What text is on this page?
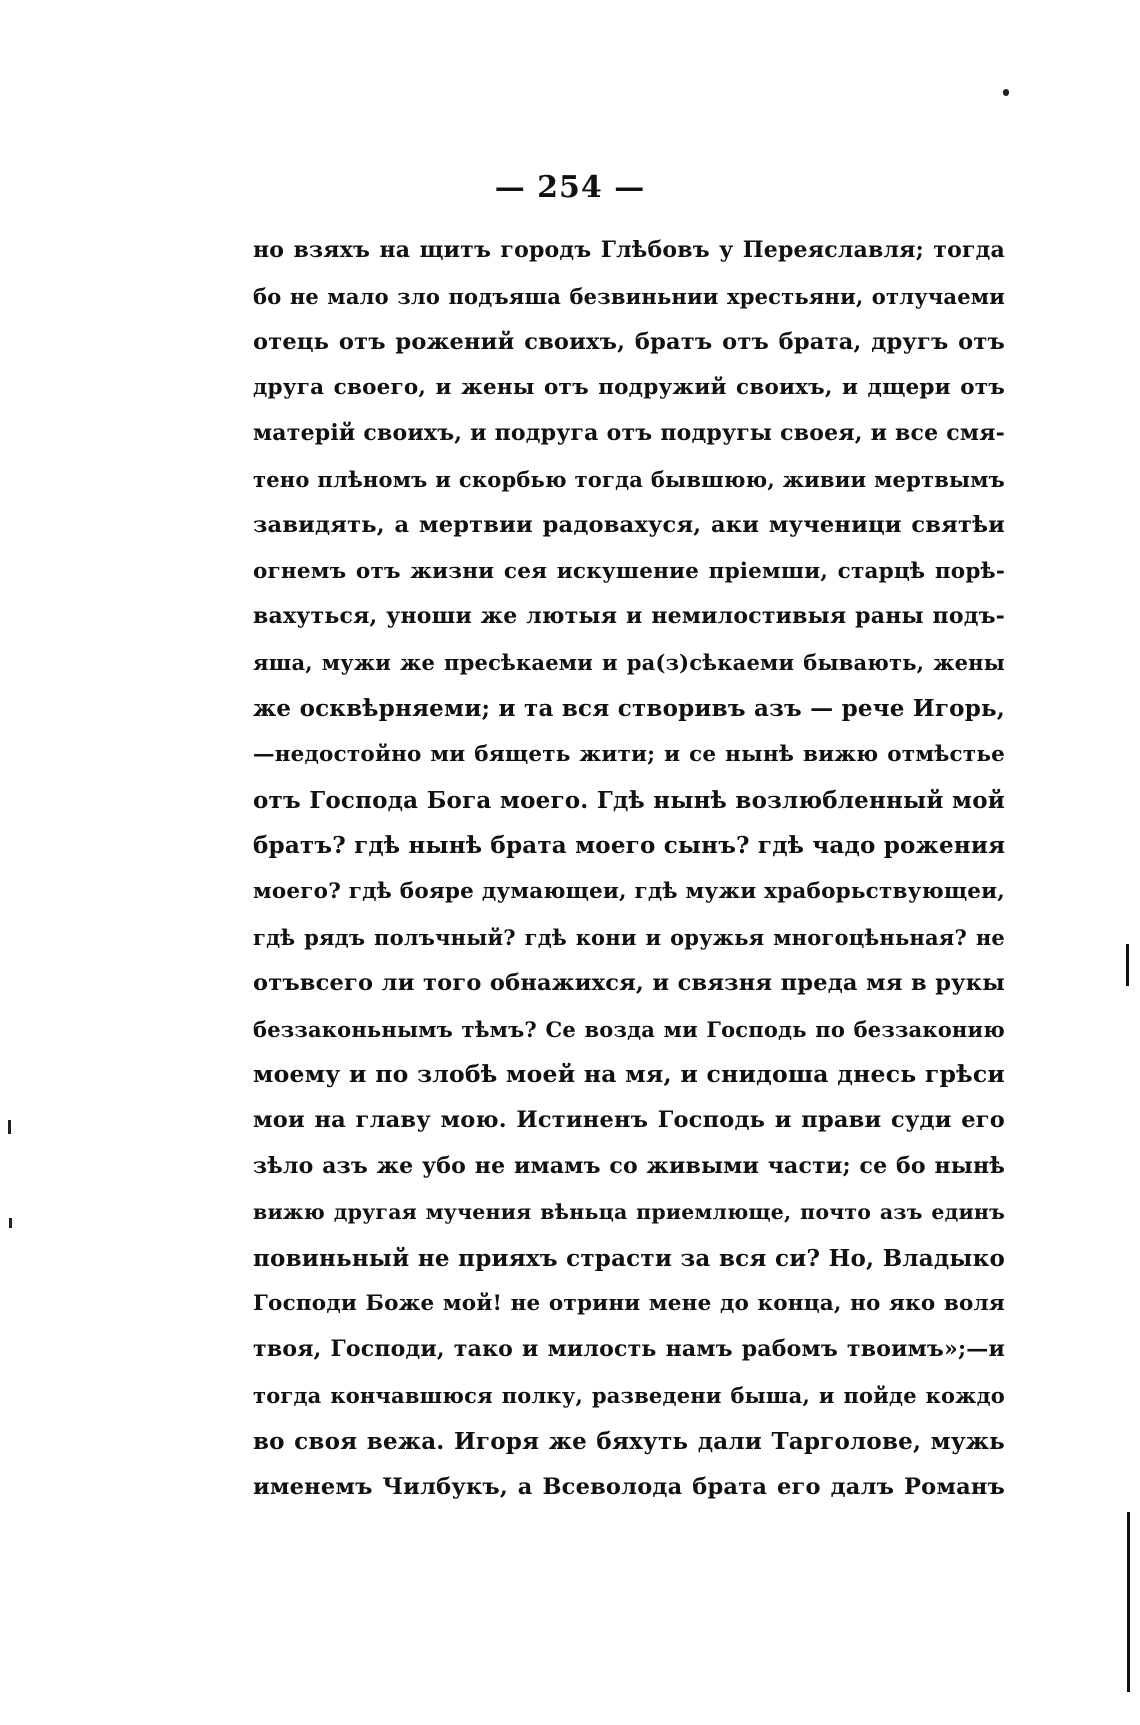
— 254 —
но взяхъ на щитъ городъ Глѣбовъ у Переяславля; тогда
бо не мало зло подъяша безвиньнии хрестьяни, отлучаеми
отець отъ рожений своихъ, братъ отъ брата, другъ отъ
друга своего, и жены отъ подружий своихъ, и дщери отъ
матерiй своихъ, и подруга отъ подругы своея, и все смя-
тено плѣномъ и скорбью тогда бывшюю, живии мертвымъ
завидять, а мертвии радовахуся, аки мученици святѣи
огнемъ отъ жизни сея искушение прiемши, старцѣ порѣ-
вахуться, уноши же лютыя и немилостивыя раны подъ-
яша, мужи же пресѣкаеми и ра(з)сѣкаеми бывають, жены
же осквѣрняеми; и та вся створивъ азъ — рече Игорь,
—недостойно ми бящеть жити; и се нынѣ вижю отмѣстье
отъ Господа Бога моего. Гдѣ нынѣ возлюбленный мой
братъ? гдѣ нынѣ брата моего сынъ? гдѣ чадо рожения
моего? гдѣ бояре думающеи, гдѣ мужи храборьствующеи,
гдѣ рядъ полъчный? гдѣ кони и оружья многоцѣньная? не
отъвсего ли того обнажихся, и связня преда мя в рукы
беззаконьнымъ тѣмъ? Се возда ми Господь по беззаконию
моему и по злобѣ моей на мя, и снидоша днесь грѣси
мои на главу мою. Истиненъ Господь и прави суди его
зѣло азъ же убо не имамъ со живыми части; се бо нынѣ
вижю другая мучения вѣньца приемлюще, почто азъ единъ
повиньный не прияхъ страсти за вся си? Но, Владыко
Господи Боже мой! не отрини мене до конца, но яко воля
твоя, Господи, тако и милость намъ рабомъ твоимъ»;—и
тогда кончавшюся полку, разведени быша, и пойде кождо
во своя вежа. Игоря же бяхуть дали Тарголове, мужь
именемъ Чилбукъ, а Всеволода брата его далъ Романъ
